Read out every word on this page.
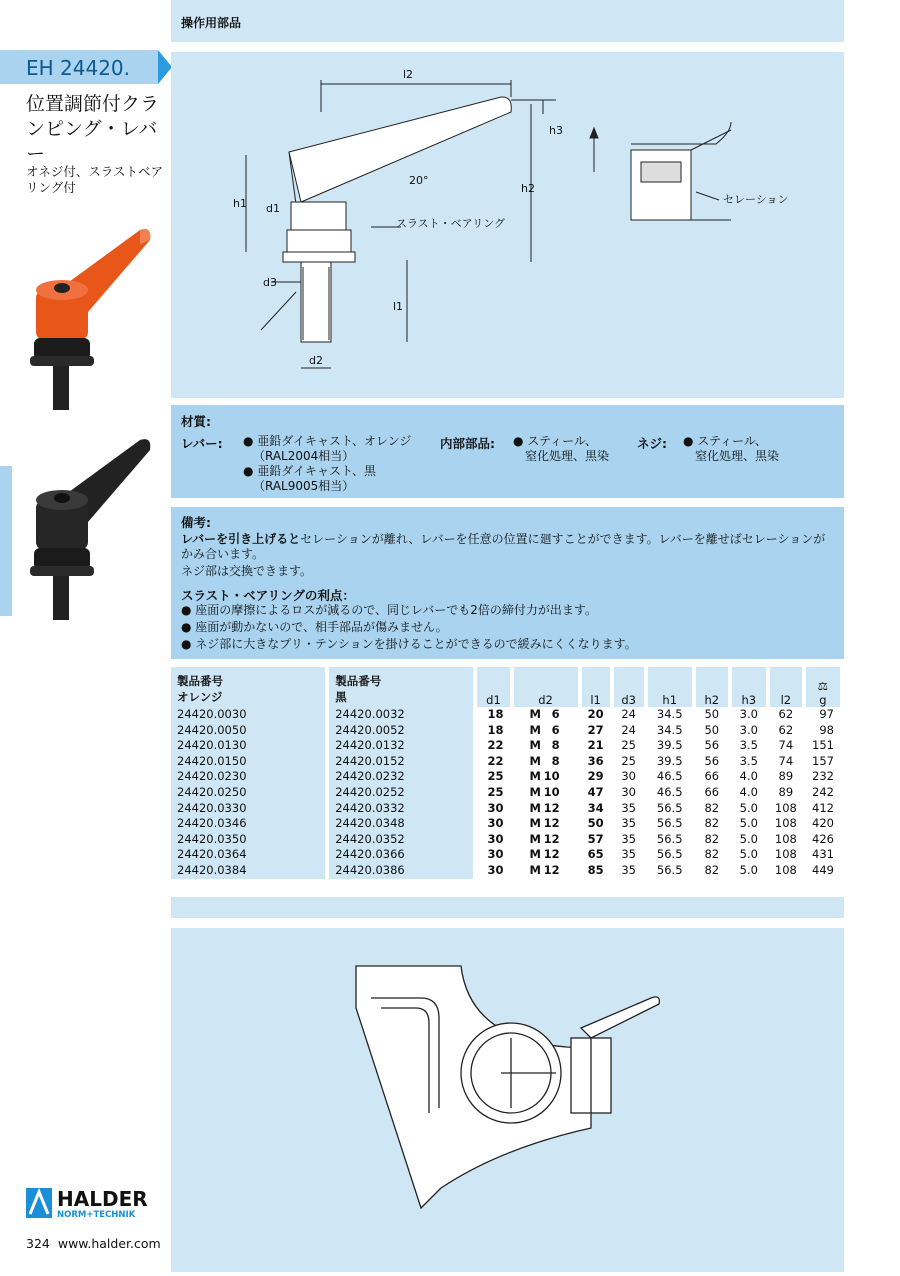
操作用部品
EH 24420.
位置調節付クランピング・レバー
オネジ付、スラストベアリング付
l2
h3
h2
h1 d1
d3
d2
l1
20°
スラスト・ベアリング
セレーション
材質:
レバー: ● 亜鉛ダイキャスト、オレンジ
（RAL2004相当）
● 亜鉛ダイキャスト、黒
（RAL9005相当）
内部部品: ● スティール、
窒化処理、黒染
ネジ: ● スティール、
窒化処理、黒染
備考:
レバーを引き上げるとセレーションが離れ、レバーを任意の位置に廻すことができます。レバーを離せばセレーションがかみ合います。
ネジ部は交換できます。
スラスト・ベアリングの利点：
● 座面の摩擦によるロスが減るので、同じレバーでも2倍の締付力が出ます。
● 座面が動かないので、相手部品が傷みません。
● ネジ部に大きなプリ・テンションを掛けることができるので緩みにくくなります。
製品番号
オレンジ	製品番号
黒	d1	d2	l1	d3	h1	h2	h3	l2	⚖
g
24420.0030	24420.0032	18	M 6	20	24	34.5	50	3.0	62	97
24420.0050	24420.0052	18	M 6	27	24	34.5	50	3.0	62	98
24420.0130	24420.0132	22	M 8	21	25	39.5	56	3.5	74	151
24420.0150	24420.0152	22	M 8	36	25	39.5	56	3.5	74	157
24420.0230	24420.0232	25	M 10	29	30	46.5	66	4.0	89	232
24420.0250	24420.0252	25	M 10	47	30	46.5	66	4.0	89	242
24420.0330	24420.0332	30	M 12	34	35	56.5	82	5.0	108	412
24420.0346	24420.0348	30	M 12	50	35	56.5	82	5.0	108	420
24420.0350	24420.0352	30	M 12	57	35	56.5	82	5.0	108	426
24420.0364	24420.0366	30	M 12	65	35	56.5	82	5.0	108	431
24420.0384	24420.0386	30	M 12	85	35	56.5	82	5.0	108	449
HALDER
NORM+TECHNIK
324 www.halder.com
